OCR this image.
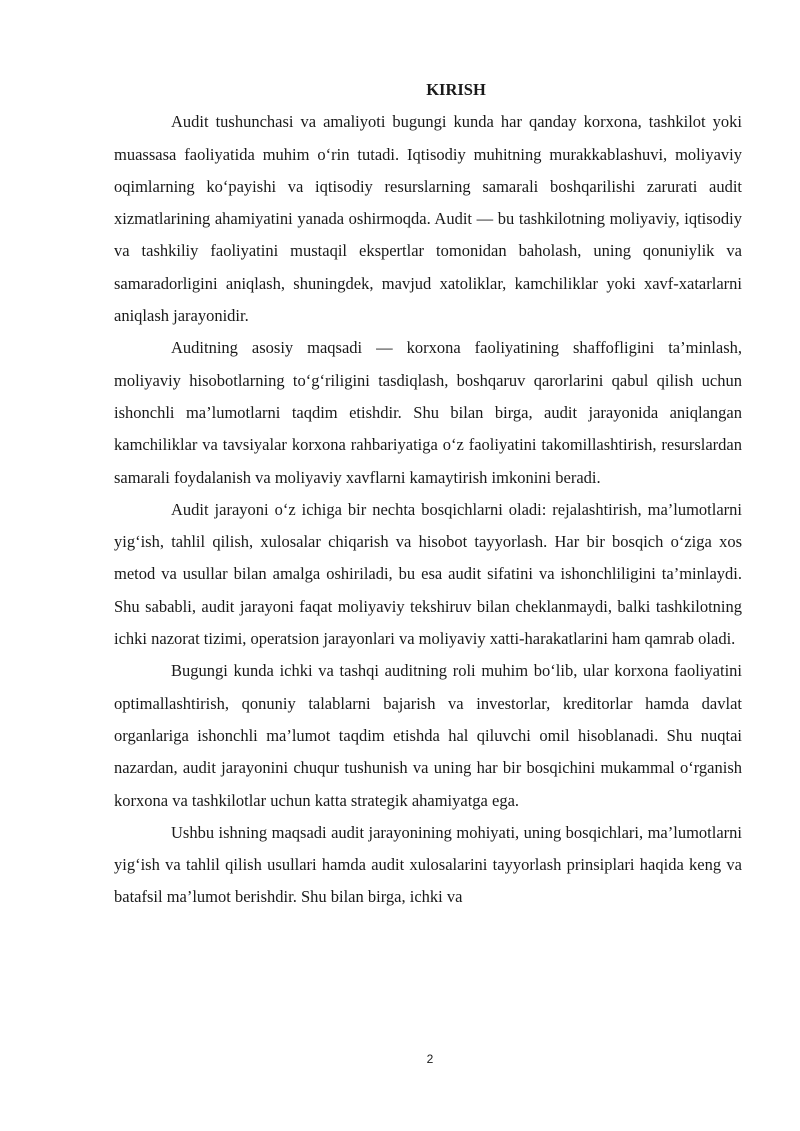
KIRISH

Audit tushunchasi va amaliyoti bugungi kunda har qanday korxona, tashkilot yoki muassasa faoliyatida muhim o‘rin tutadi. Iqtisodiy muhitning murakkablashuvi, moliyaviy oqimlarning ko‘payishi va iqtisodiy resurslarning samarali boshqarilishi zarurati audit xizmatlarining ahamiyatini yanada oshirmoqda. Audit — bu tashkilotning moliyaviy, iqtisodiy va tashkiliy faoliyatini mustaqil ekspertlar tomonidan baholash, uning qonuniylik va samaradorligini aniqlash, shuningdek, mavjud xatoliklar, kamchiliklar yoki xavf-xatarlarni aniqlash jarayonidir.

Auditning asosiy maqsadi — korxona faoliyatining shaffofligini ta’minlash, moliyaviy hisobotlarning to‘g‘riligini tasdiqlash, boshqaruv qarorlarini qabul qilish uchun ishonchli ma’lumotlarni taqdim etishdir. Shu bilan birga, audit jarayonida aniqlangan kamchiliklar va tavsiyalar korxona rahbariyatiga o‘z faoliyatini takomillashtirish, resurslardan samarali foydalanish va moliyaviy xavflarni kamaytirish imkonini beradi.

Audit jarayoni o‘z ichiga bir nechta bosqichlarni oladi: rejalashtirish, ma’lumotlarni yig‘ish, tahlil qilish, xulosalar chiqarish va hisobot tayyorlash. Har bir bosqich o‘ziga xos metod va usullar bilan amalga oshiriladi, bu esa audit sifatini va ishonchliligini ta’minlaydi. Shu sababli, audit jarayoni faqat moliyaviy tekshiruv bilan cheklanmaydi, balki tashkilotning ichki nazorat tizimi, operatsion jarayonlari va moliyaviy xatti-harakatlarini ham qamrab oladi.

Bugungi kunda ichki va tashqi auditning roli muhim bo‘lib, ular korxona faoliyatini optimallashtirish, qonuniy talablarni bajarish va investorlar, kreditorlar hamda davlat organlariga ishonchli ma’lumot taqdim etishda hal qiluvchi omil hisoblanadi. Shu nuqtai nazardan, audit jarayonini chuqur tushunish va uning har bir bosqichini mukammal o‘rganish korxona va tashkilotlar uchun katta strategik ahamiyatga ega.

Ushbu ishning maqsadi audit jarayonining mohiyati, uning bosqichlari, ma’lumotlarni yig‘ish va tahlil qilish usullari hamda audit xulosalarini tayyorlash prinsiplari haqida keng va batafsil ma’lumot berishdir. Shu bilan birga, ichki va

2
